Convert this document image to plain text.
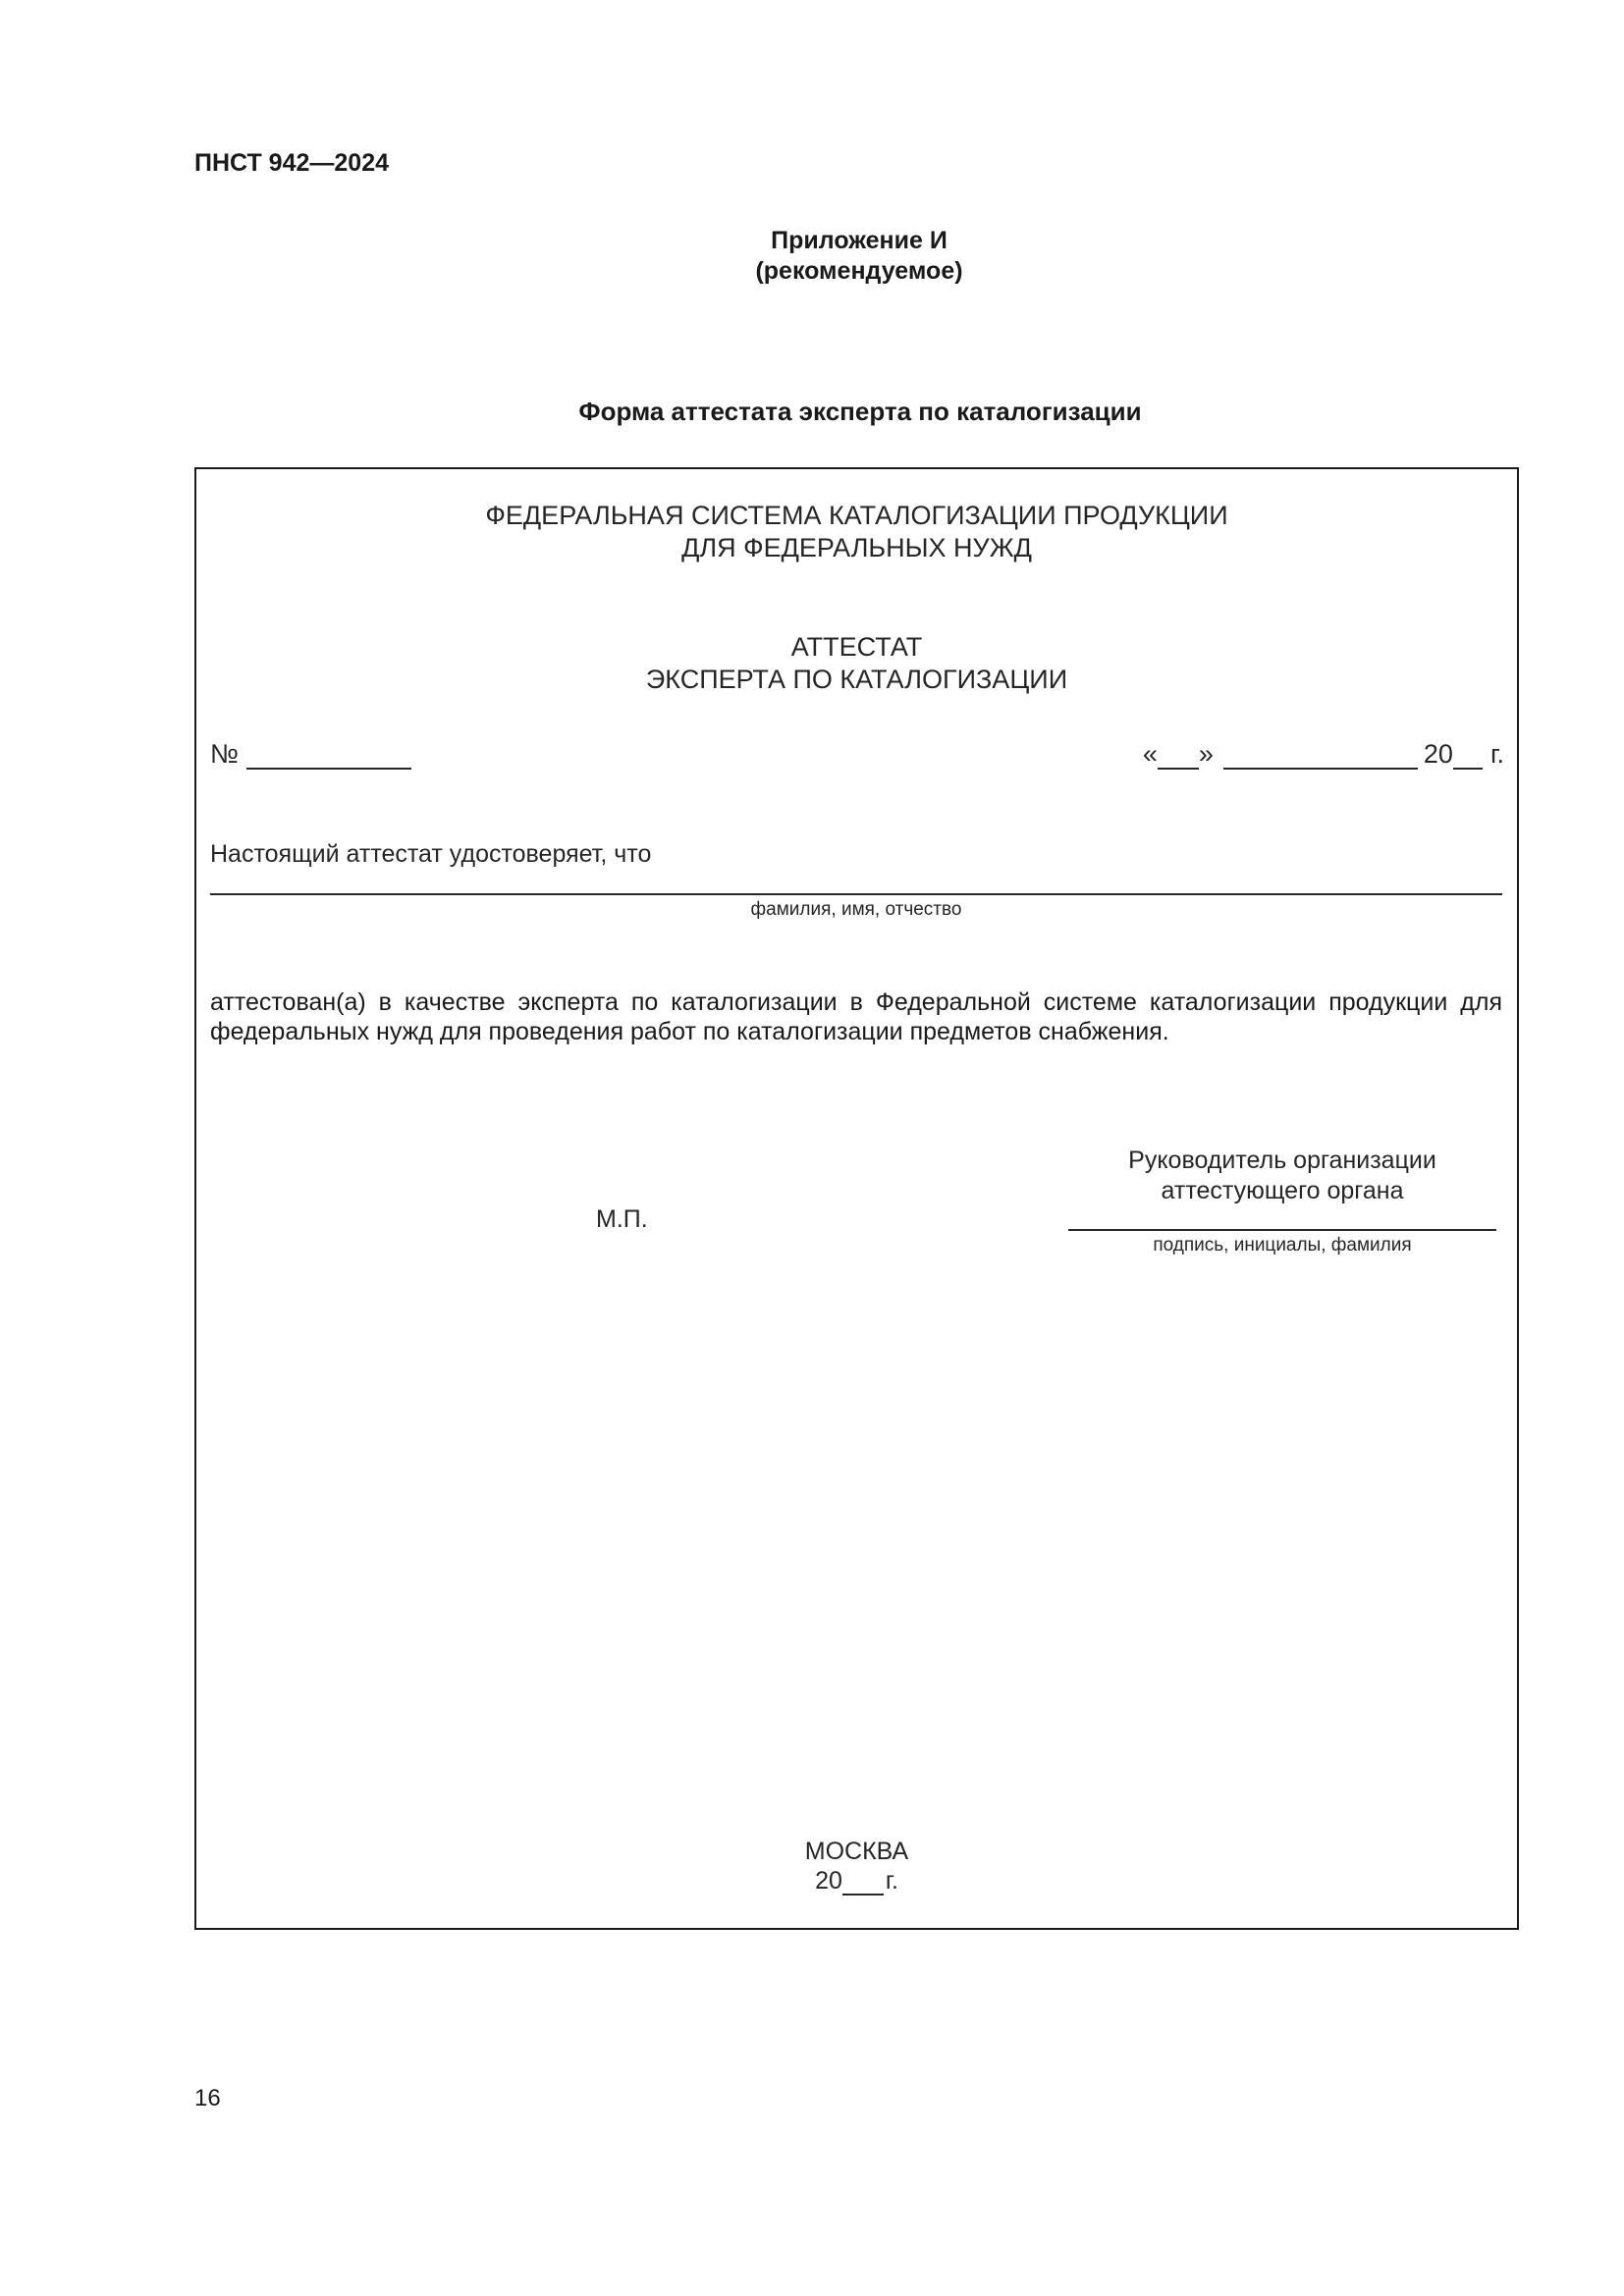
ПНСТ 942—2024
Приложение И
(рекомендуемое)
Форма аттестата эксперта по каталогизации
ФЕДЕРАЛЬНАЯ СИСТЕМА КАТАЛОГИЗАЦИИ ПРОДУКЦИИ
ДЛЯ ФЕДЕРАЛЬНЫХ НУЖД
АТТЕСТАТ
ЭКСПЕРТА ПО КАТАЛОГИЗАЦИИ
№	« »	20 г.
Настоящий аттестат удостоверяет, что
фамилия, имя, отчество
аттестован(а) в качестве эксперта по каталогизации в Федеральной системе каталогизации продукции для федеральных нужд для проведения работ по каталогизации предметов снабжения.
Руководитель организации
аттестующего органа
М.П.
подпись, инициалы, фамилия
МОСКВА
20 г.
16
